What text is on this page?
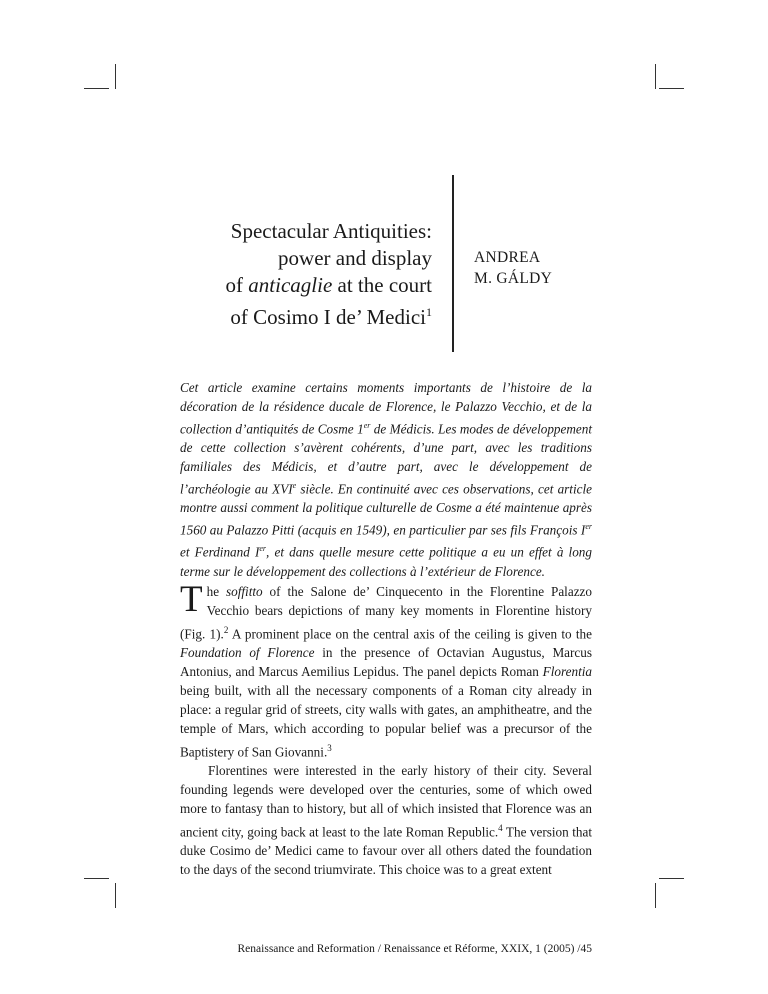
Spectacular Antiquities:
power and display
of anticaglie at the court
of Cosimo I de’ Medici$^1$
ANDREA
M. GÁLDY

Cet article examine certains moments importants de l’histoire de la décoration de la résidence ducale de Florence, le Palazzo Vecchio, et de la collection d’antiquités de Cosme 1er de Médicis. Les modes de développement de cette collection s’avèrent cohérents, d’une part, avec les traditions familiales des Médicis, et d’autre part, avec le développement de l’archéologie au XVIe siècle. En continuité avec ces observations, cet article montre aussi comment la politique culturelle de Cosme a été maintenue après 1560 au Palazzo Pitti (acquis en 1549), en particulier par ses fils François Ier et Ferdinand Ier, et dans quelle mesure cette politique a eu un effet à long terme sur le développement des collections à l’extérieur de Florence.

The soffitto of the Salone de’ Cinquecento in the Florentine Palazzo Vecchio bears depictions of many key moments in Florentine history (Fig. 1).$^2$ A prominent place on the central axis of the ceiling is given to the Foundation of Florence in the presence of Octavian Augustus, Marcus Antonius, and Marcus Aemilius Lepidus. The panel depicts Roman Florentia being built, with all the necessary components of a Roman city already in place: a regular grid of streets, city walls with gates, an amphitheatre, and the temple of Mars, which according to popular belief was a precursor of the Baptistery of San Giovanni.$^3$

Florentines were interested in the early history of their city. Several founding legends were developed over the centuries, some of which owed more to fantasy than to history, but all of which insisted that Florence was an ancient city, going back at least to the late Roman Republic.$^4$ The version that duke Cosimo de’ Medici came to favour over all others dated the foundation to the days of the second triumvirate. This choice was to a great extent

Renaissance and Reformation / Renaissance et Réforme, XXIX, 1 (2005) /45
